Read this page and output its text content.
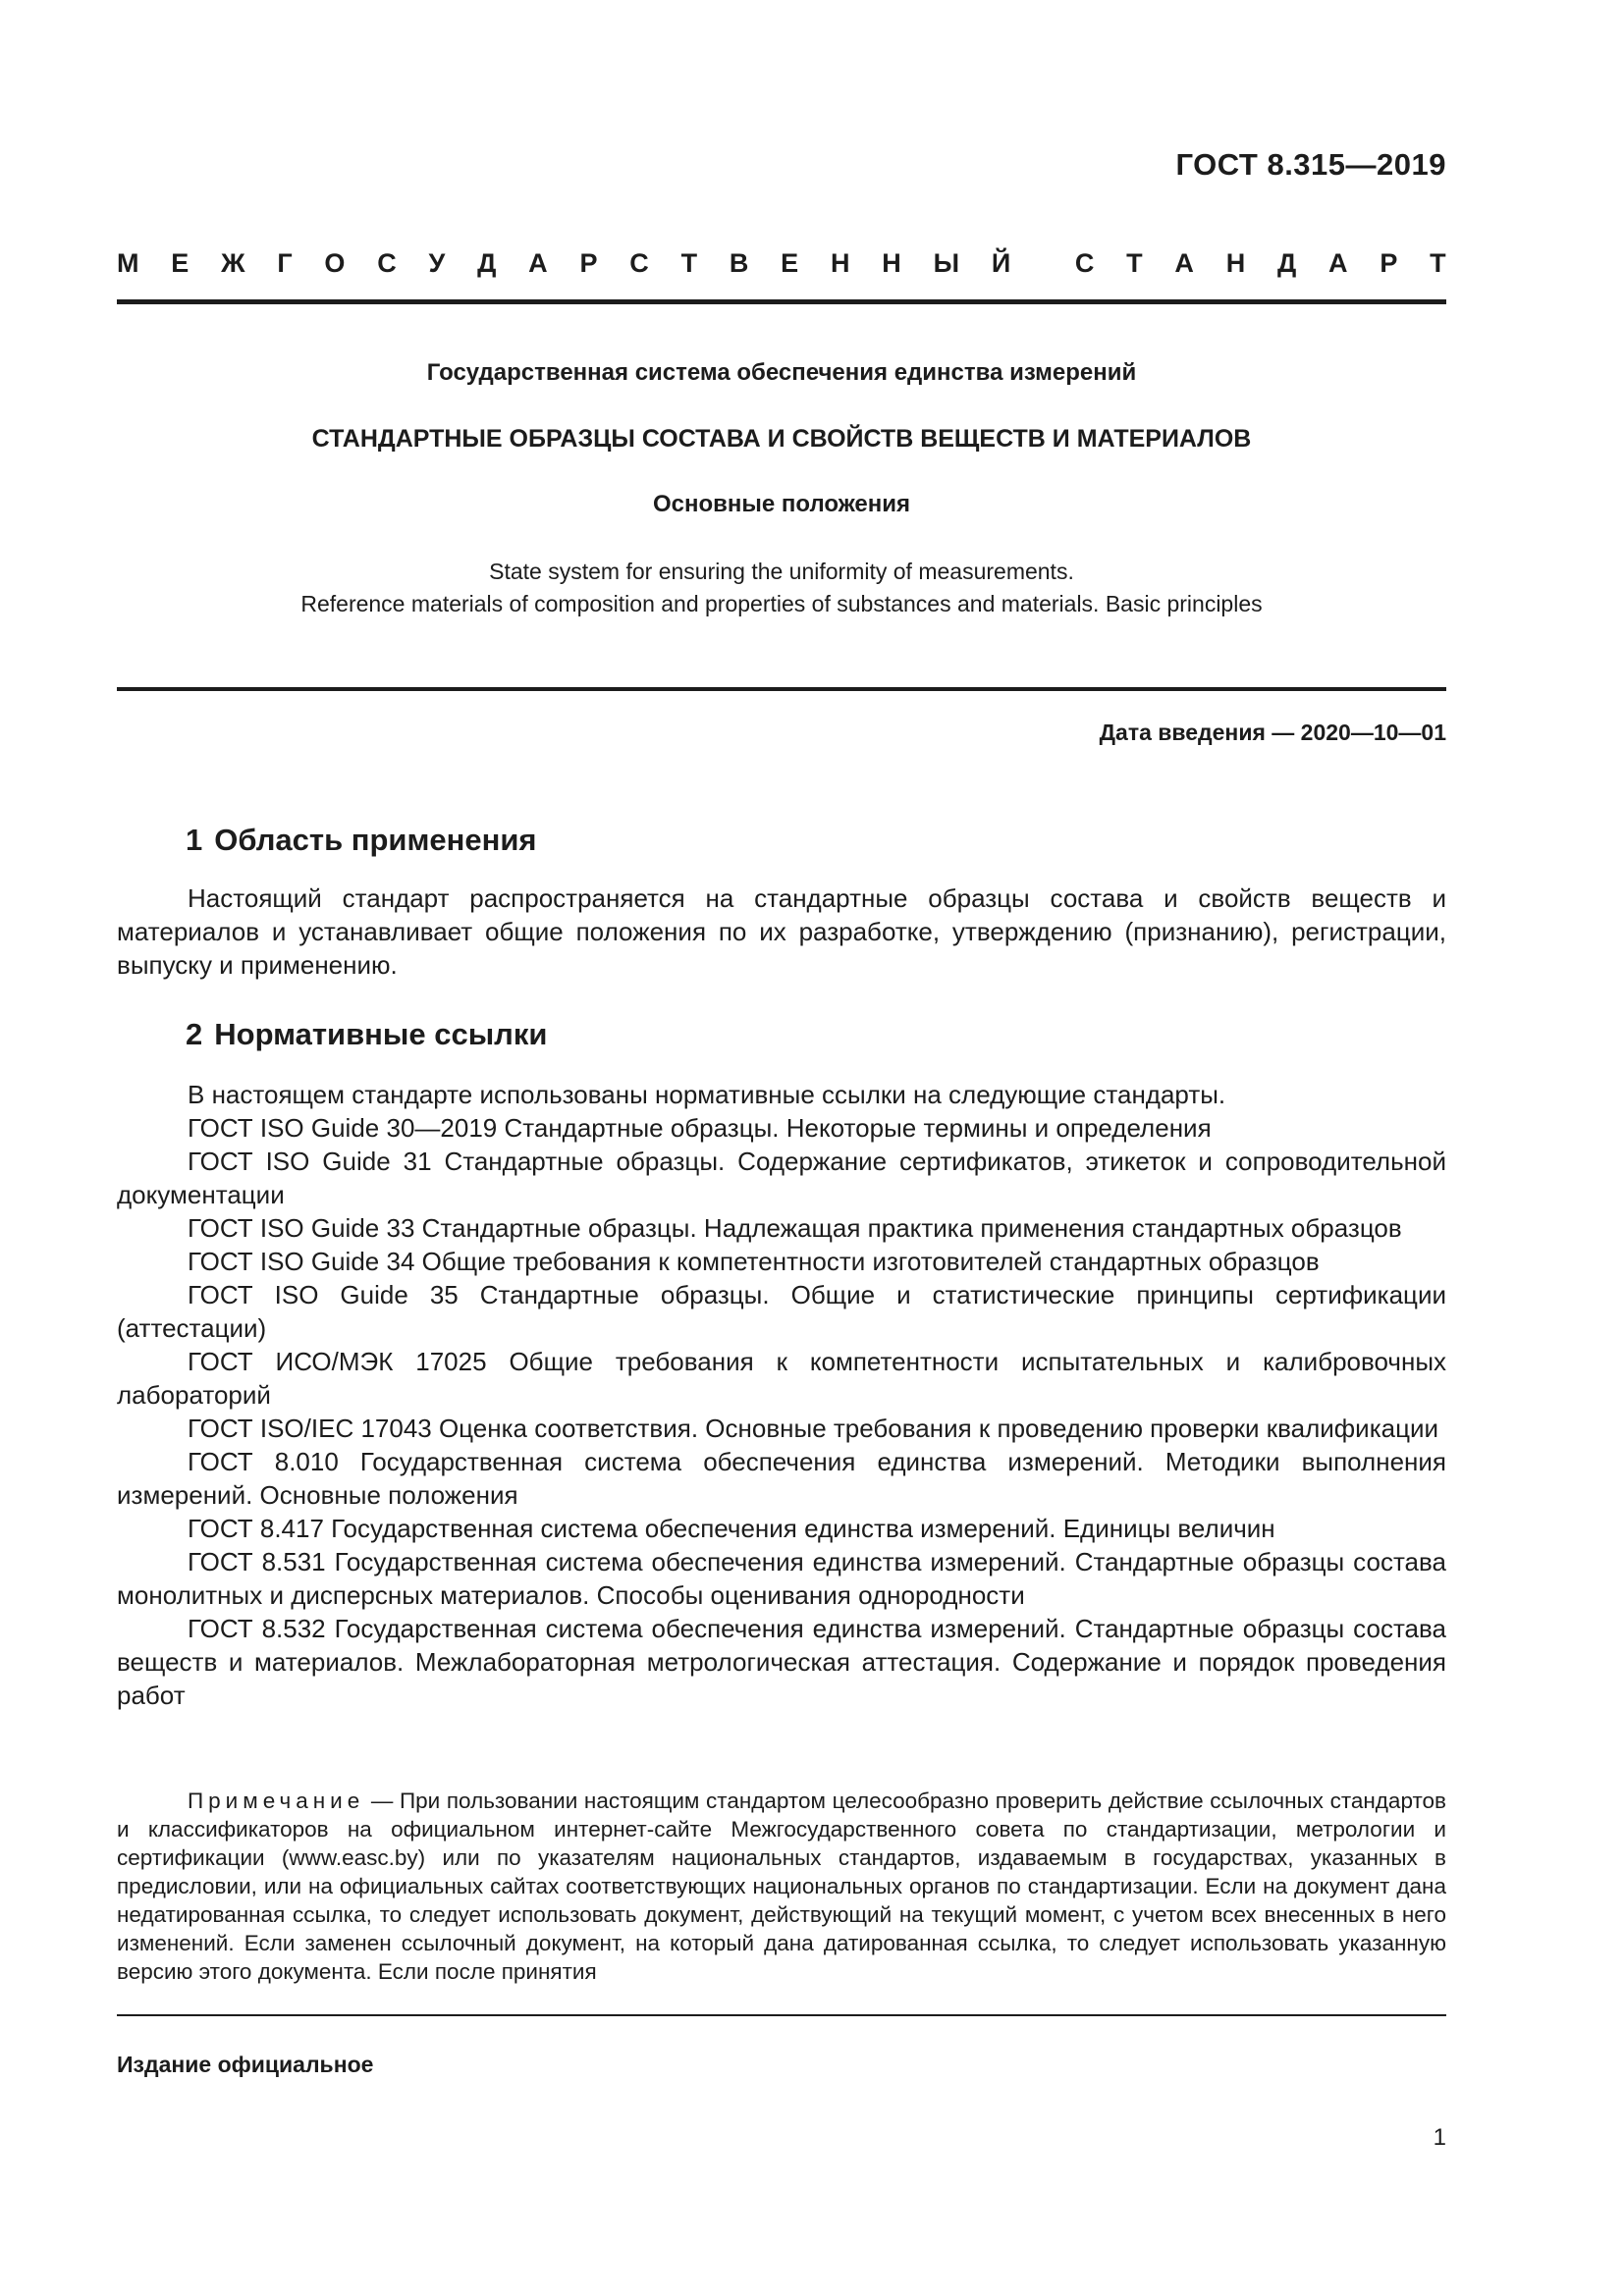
ГОСТ 8.315—2019
М Е Ж Г О С У Д А Р С Т В Е Н Н Ы Й С Т А Н Д А Р Т
Государственная система обеспечения единства измерений
СТАНДАРТНЫЕ ОБРАЗЦЫ СОСТАВА И СВОЙСТВ ВЕЩЕСТВ И МАТЕРИАЛОВ
Основные положения
State system for ensuring the uniformity of measurements.
Reference materials of composition and properties of substances and materials. Basic principles
Дата введения — 2020—10—01
1 Область применения

Настоящий стандарт распространяется на стандартные образцы состава и свойств веществ и материалов и устанавливает общие положения по их разработке, утверждению (признанию), регистрации, выпуску и применению.

2 Нормативные ссылки

В настоящем стандарте использованы нормативные ссылки на следующие стандарты.

ГОСТ ISO Guide 30—2019 Стандартные образцы. Некоторые термины и определения

ГОСТ ISO Guide 31 Стандартные образцы. Содержание сертификатов, этикеток и сопроводительной документации

ГОСТ ISO Guide 33 Стандартные образцы. Надлежащая практика применения стандартных образцов

ГОСТ ISO Guide 34 Общие требования к компетентности изготовителей стандартных образцов

ГОСТ ISO Guide 35 Стандартные образцы. Общие и статистические принципы сертификации (аттестации)

ГОСТ ИСО/МЭК 17025 Общие требования к компетентности испытательных и калибровочных лабораторий

ГОСТ ISO/IEC 17043 Оценка соответствия. Основные требования к проведению проверки квалификации

ГОСТ 8.010 Государственная система обеспечения единства измерений. Методики выполнения измерений. Основные положения

ГОСТ 8.417 Государственная система обеспечения единства измерений. Единицы величин

ГОСТ 8.531 Государственная система обеспечения единства измерений. Стандартные образцы состава монолитных и дисперсных материалов. Способы оценивания однородности

ГОСТ 8.532 Государственная система обеспечения единства измерений. Стандартные образцы состава веществ и материалов. Межлабораторная метрологическая аттестация. Содержание и порядок проведения работ

Примечание — При пользовании настоящим стандартом целесообразно проверить действие ссылочных стандартов и классификаторов на официальном интернет-сайте Межгосударственного совета по стандартизации, метрологии и сертификации (www.easc.by) или по указателям национальных стандартов, издаваемым в государствах, указанных в предисловии, или на официальных сайтах соответствующих национальных органов по стандартизации. Если на документ дана недатированная ссылка, то следует использовать документ, действующий на текущий момент, с учетом всех внесенных в него изменений. Если заменен ссылочный документ, на который дана датированная ссылка, то следует использовать указанную версию этого документа. Если после принятия
Издание официальное
1
